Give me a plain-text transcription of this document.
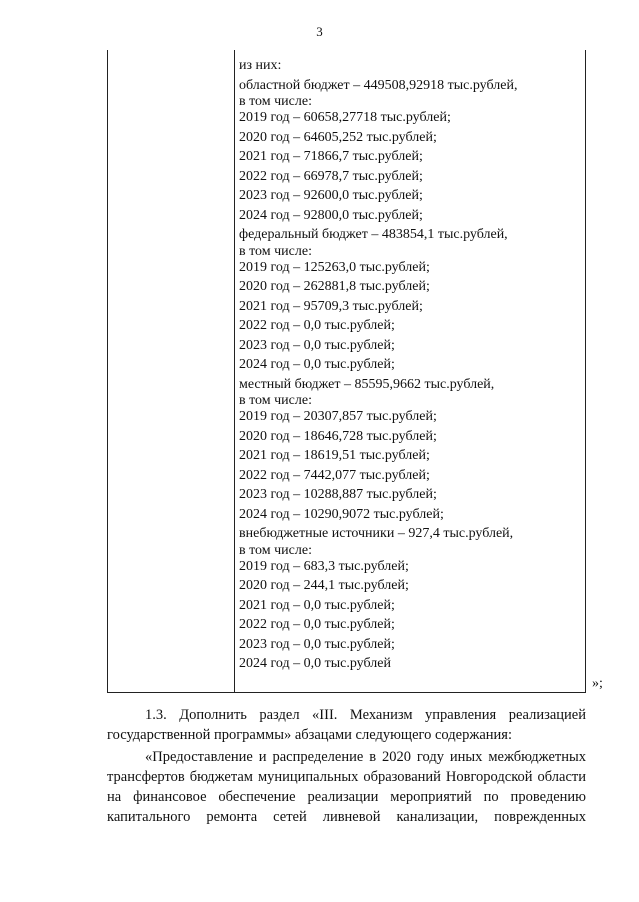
3
из них:
областной бюджет – 449508,92918 тыс.рублей,
в том числе:
2019 год – 60658,27718 тыс.рублей;
2020 год – 64605,252 тыс.рублей;
2021 год – 71866,7 тыс.рублей;
2022 год – 66978,7 тыс.рублей;
2023 год – 92600,0 тыс.рублей;
2024 год – 92800,0 тыс.рублей;
федеральный бюджет – 483854,1 тыс.рублей,
в том числе:
2019 год – 125263,0 тыс.рублей;
2020 год – 262881,8 тыс.рублей;
2021 год – 95709,3 тыс.рублей;
2022 год – 0,0 тыс.рублей;
2023 год – 0,0 тыс.рублей;
2024 год – 0,0 тыс.рублей;
местный бюджет – 85595,9662 тыс.рублей,
в том числе:
2019 год – 20307,857 тыс.рублей;
2020 год – 18646,728 тыс.рублей;
2021 год – 18619,51 тыс.рублей;
2022 год – 7442,077 тыс.рублей;
2023 год – 10288,887 тыс.рублей;
2024 год – 10290,9072 тыс.рублей;
внебюджетные источники – 927,4 тыс.рублей,
в том числе:
2019 год – 683,3 тыс.рублей;
2020 год – 244,1 тыс.рублей;
2021 год – 0,0 тыс.рублей;
2022 год – 0,0 тыс.рублей;
2023 год – 0,0 тыс.рублей;
2024 год – 0,0 тыс.рублей
»;
1.3. Дополнить раздел «III. Механизм управления реализацией
государственной программы» абзацами следующего содержания:
«Предоставление и распределение в 2020 году иных межбюджетных
трансфертов бюджетам муниципальных образований Новгородской области
на финансовое обеспечение реализации мероприятий по проведению
капитального ремонта сетей ливневой канализации, поврежденных
